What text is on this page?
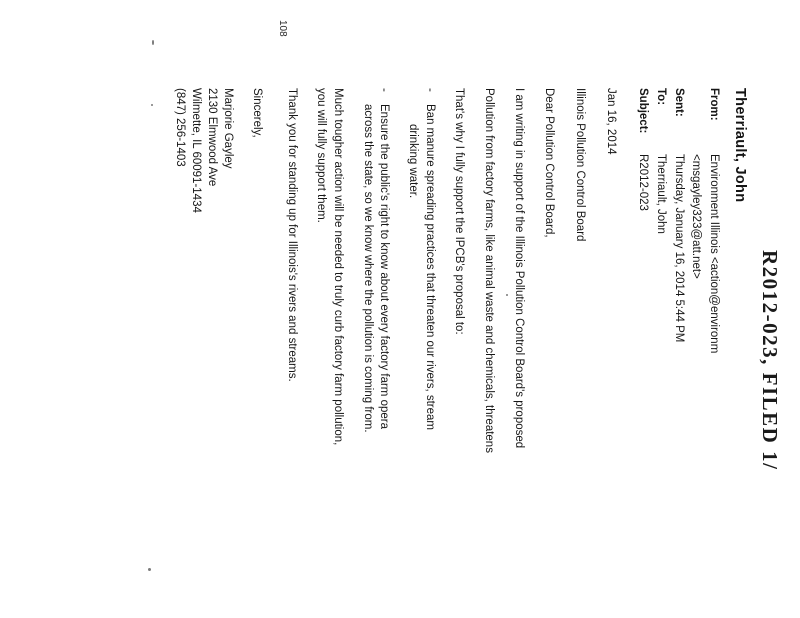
R2012-023, FILED 1/
108
Therriault, John
From:
Environment Illinois <action@environm
<msgayley323@att.net>
Sent:
Thursday, January 16, 2014 5:44 PM
To:
Therriault, John
Subject:
R2012-023
Jan 16, 2014
Illinois Pollution Control Board
Dear Pollution Control Board,
I am writing in support of the Illinois Pollution Control Board's proposed
Pollution from factory farms, like animal waste and chemicals, threatens
That's why I fully support the IPCB's proposal to:
-
Ban manure spreading practices that threaten our rivers, stream
drinking water.
-
Ensure the public's right to know about every factory farm opera
across the state, so we know where the pollution is coming from.
Much tougher action will be needed to truly curb factory farm pollution,
you will fully support them.
Thank you for standing up for Illinois's rivers and streams.
Sincerely,
Marjorie Gayley
2130 Elmwood Ave
Wilmette, IL 60091-1434
(847) 256-1403
